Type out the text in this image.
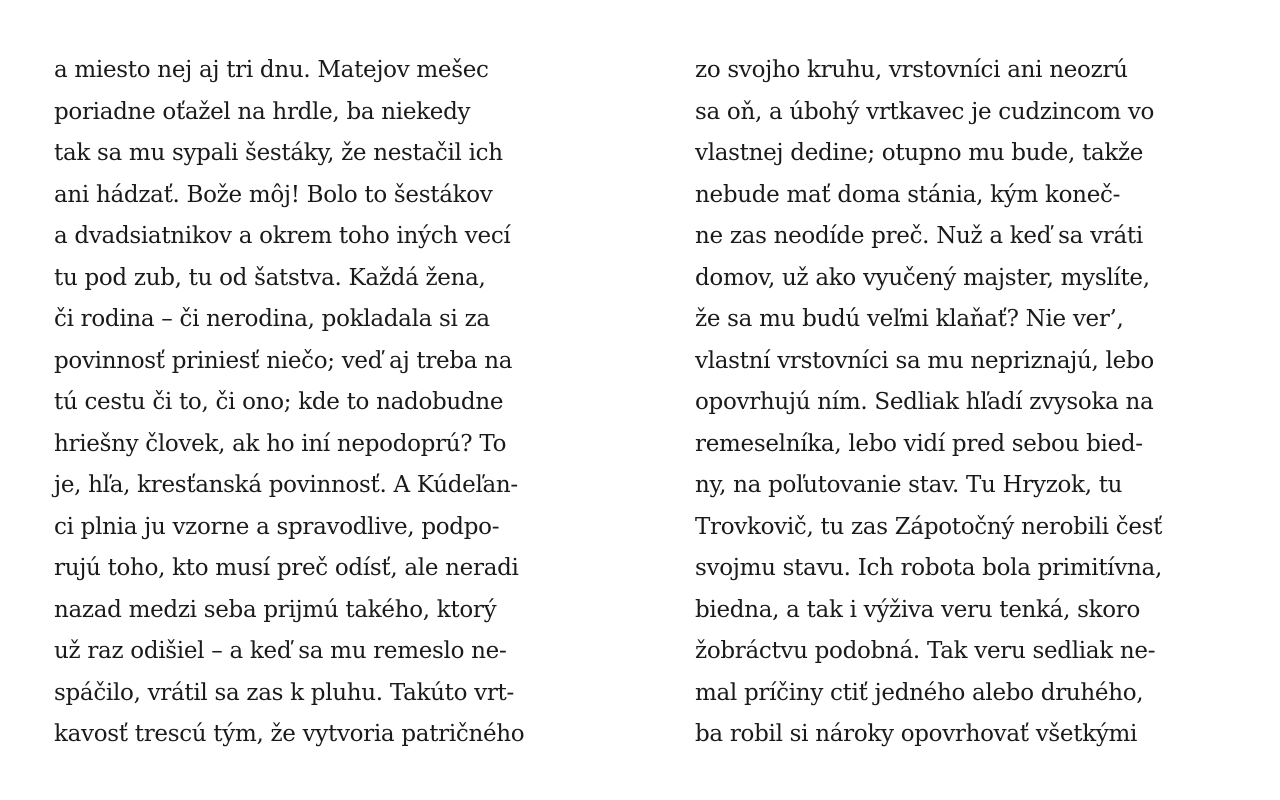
a miesto nej aj tri dnu. Matejov mešec
poriadne oťažel na hrdle, ba niekedy
tak sa mu sypali šestáky, že nestačil ich
ani hádzať. Bože môj! Bolo to šestákov
a dvadsiatnikov a okrem toho iných vecí
tu pod zub, tu od šatstva. Každá žena,
či rodina – či nerodina, pokladala si za
povinnosť priniesť niečo; veď aj treba na
tú cestu či to, či ono; kde to nadobudne
hriešny človek, ak ho iní nepodoprú? To
je, hľa, kresťanská povinnosť. A Kúdeľan-
ci plnia ju vzorne a spravodlive, podpo-
rujú toho, kto musí preč odísť, ale neradi
nazad medzi seba prijmú takého, ktorý
už raz odišiel – a keď sa mu remeslo ne-
spáčilo, vrátil sa zas k pluhu. Takúto vrt-
kavosť trescú tým, že vytvoria patričného
zo svojho kruhu, vrstovníci ani neozrú
sa oň, a úbohý vrtkavec je cudzincom vo
vlastnej dedine; otupno mu bude, takže
nebude mať doma stánia, kým koneč-
ne zas neodíde preč. Nuž a keď sa vráti
domov, už ako vyučený majster, myslíte,
že sa mu budú veľmi klaňať? Nie ver’,
vlastní vrstovníci sa mu nepriznajú, lebo
opovrhujú ním. Sedliak hľadí zvysoka na
remeselníka, lebo vidí pred sebou bied-
ny, na poľutovanie stav. Tu Hryzok, tu
Trovkovič, tu zas Zápotočný nerobili česť
svojmu stavu. Ich robota bola primitívna,
biedna, a tak i výživa veru tenká, skoro
žobráctvu podobná. Tak veru sedliak ne-
mal príčiny ctiť jedného alebo druhého,
ba robil si nároky opovrhovať všetkými
